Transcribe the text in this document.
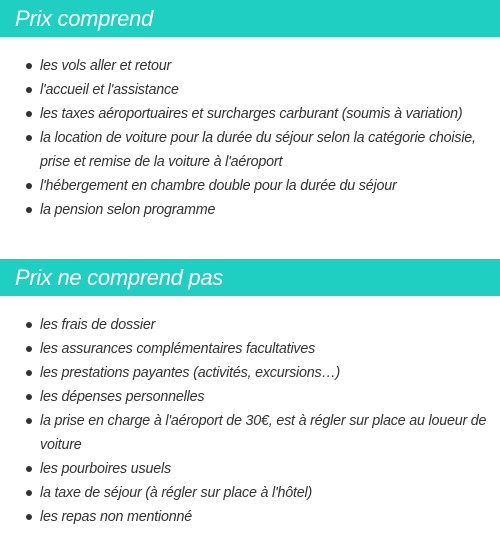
Prix comprend
les vols aller et retour
l'accueil et l'assistance
les taxes aéroportuaires et surcharges carburant (soumis à variation)
la location de voiture pour la durée du séjour selon la catégorie choisie, prise et remise de la voiture à l'aéroport
l'hébergement en chambre double pour la durée du séjour
la pension selon programme
Prix ne comprend pas
les frais de dossier
les assurances complémentaires facultatives
les prestations payantes (activités, excursions…)
les dépenses personnelles
la prise en charge à l'aéroport de 30€, est à régler sur place au loueur de voiture
les pourboires usuels
la taxe de séjour (à régler sur place à l'hôtel)
les repas non mentionné
